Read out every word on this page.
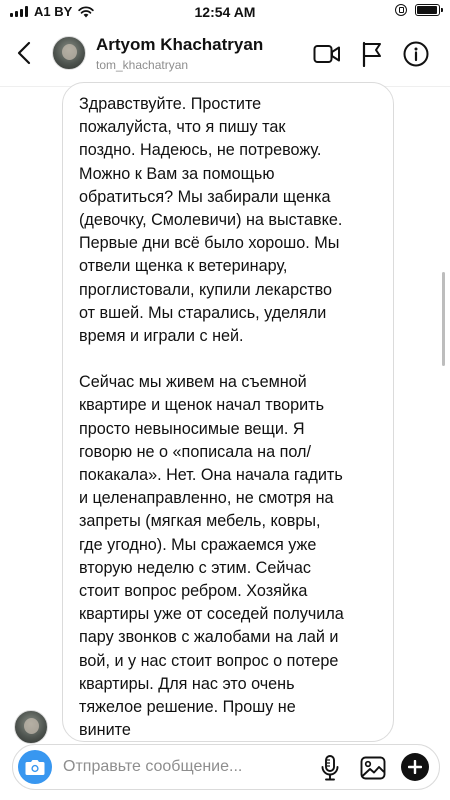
A1 BY	12:54 AM
Artyom Khachatryan
tom_khachatryan

Здравствуйте. Простите
пожалуйста, что я пишу так
поздно. Надеюсь, не потревожу.
Можно к Вам за помощью
обратиться? Мы забирали щенка
(девочку, Смолевичи) на выставке.
Первые дни всё было хорошо. Мы
отвели щенка к ветеринару,
проглистовали, купили лекарство
от вшей. Мы старались, уделяли
время и играли с ней.

Сейчас мы живем на съемной
квартире и щенок начал творить
просто невыносимые вещи. Я
говорю не о «пописала на пол/
покакала». Нет. Она начала гадить
и целенаправленно, не смотря на
запреты (мягкая мебель, ковры,
где угодно). Мы сражаемся уже
вторую неделю с этим. Сейчас
стоит вопрос ребром. Хозяйка
квартиры уже от соседей получила
пару звонков с жалобами на лай и
вой, и у нас стоит вопрос о потере
квартиры. Для нас это очень
тяжелое решение. Прошу не
вините

Отправьте сообщение...
